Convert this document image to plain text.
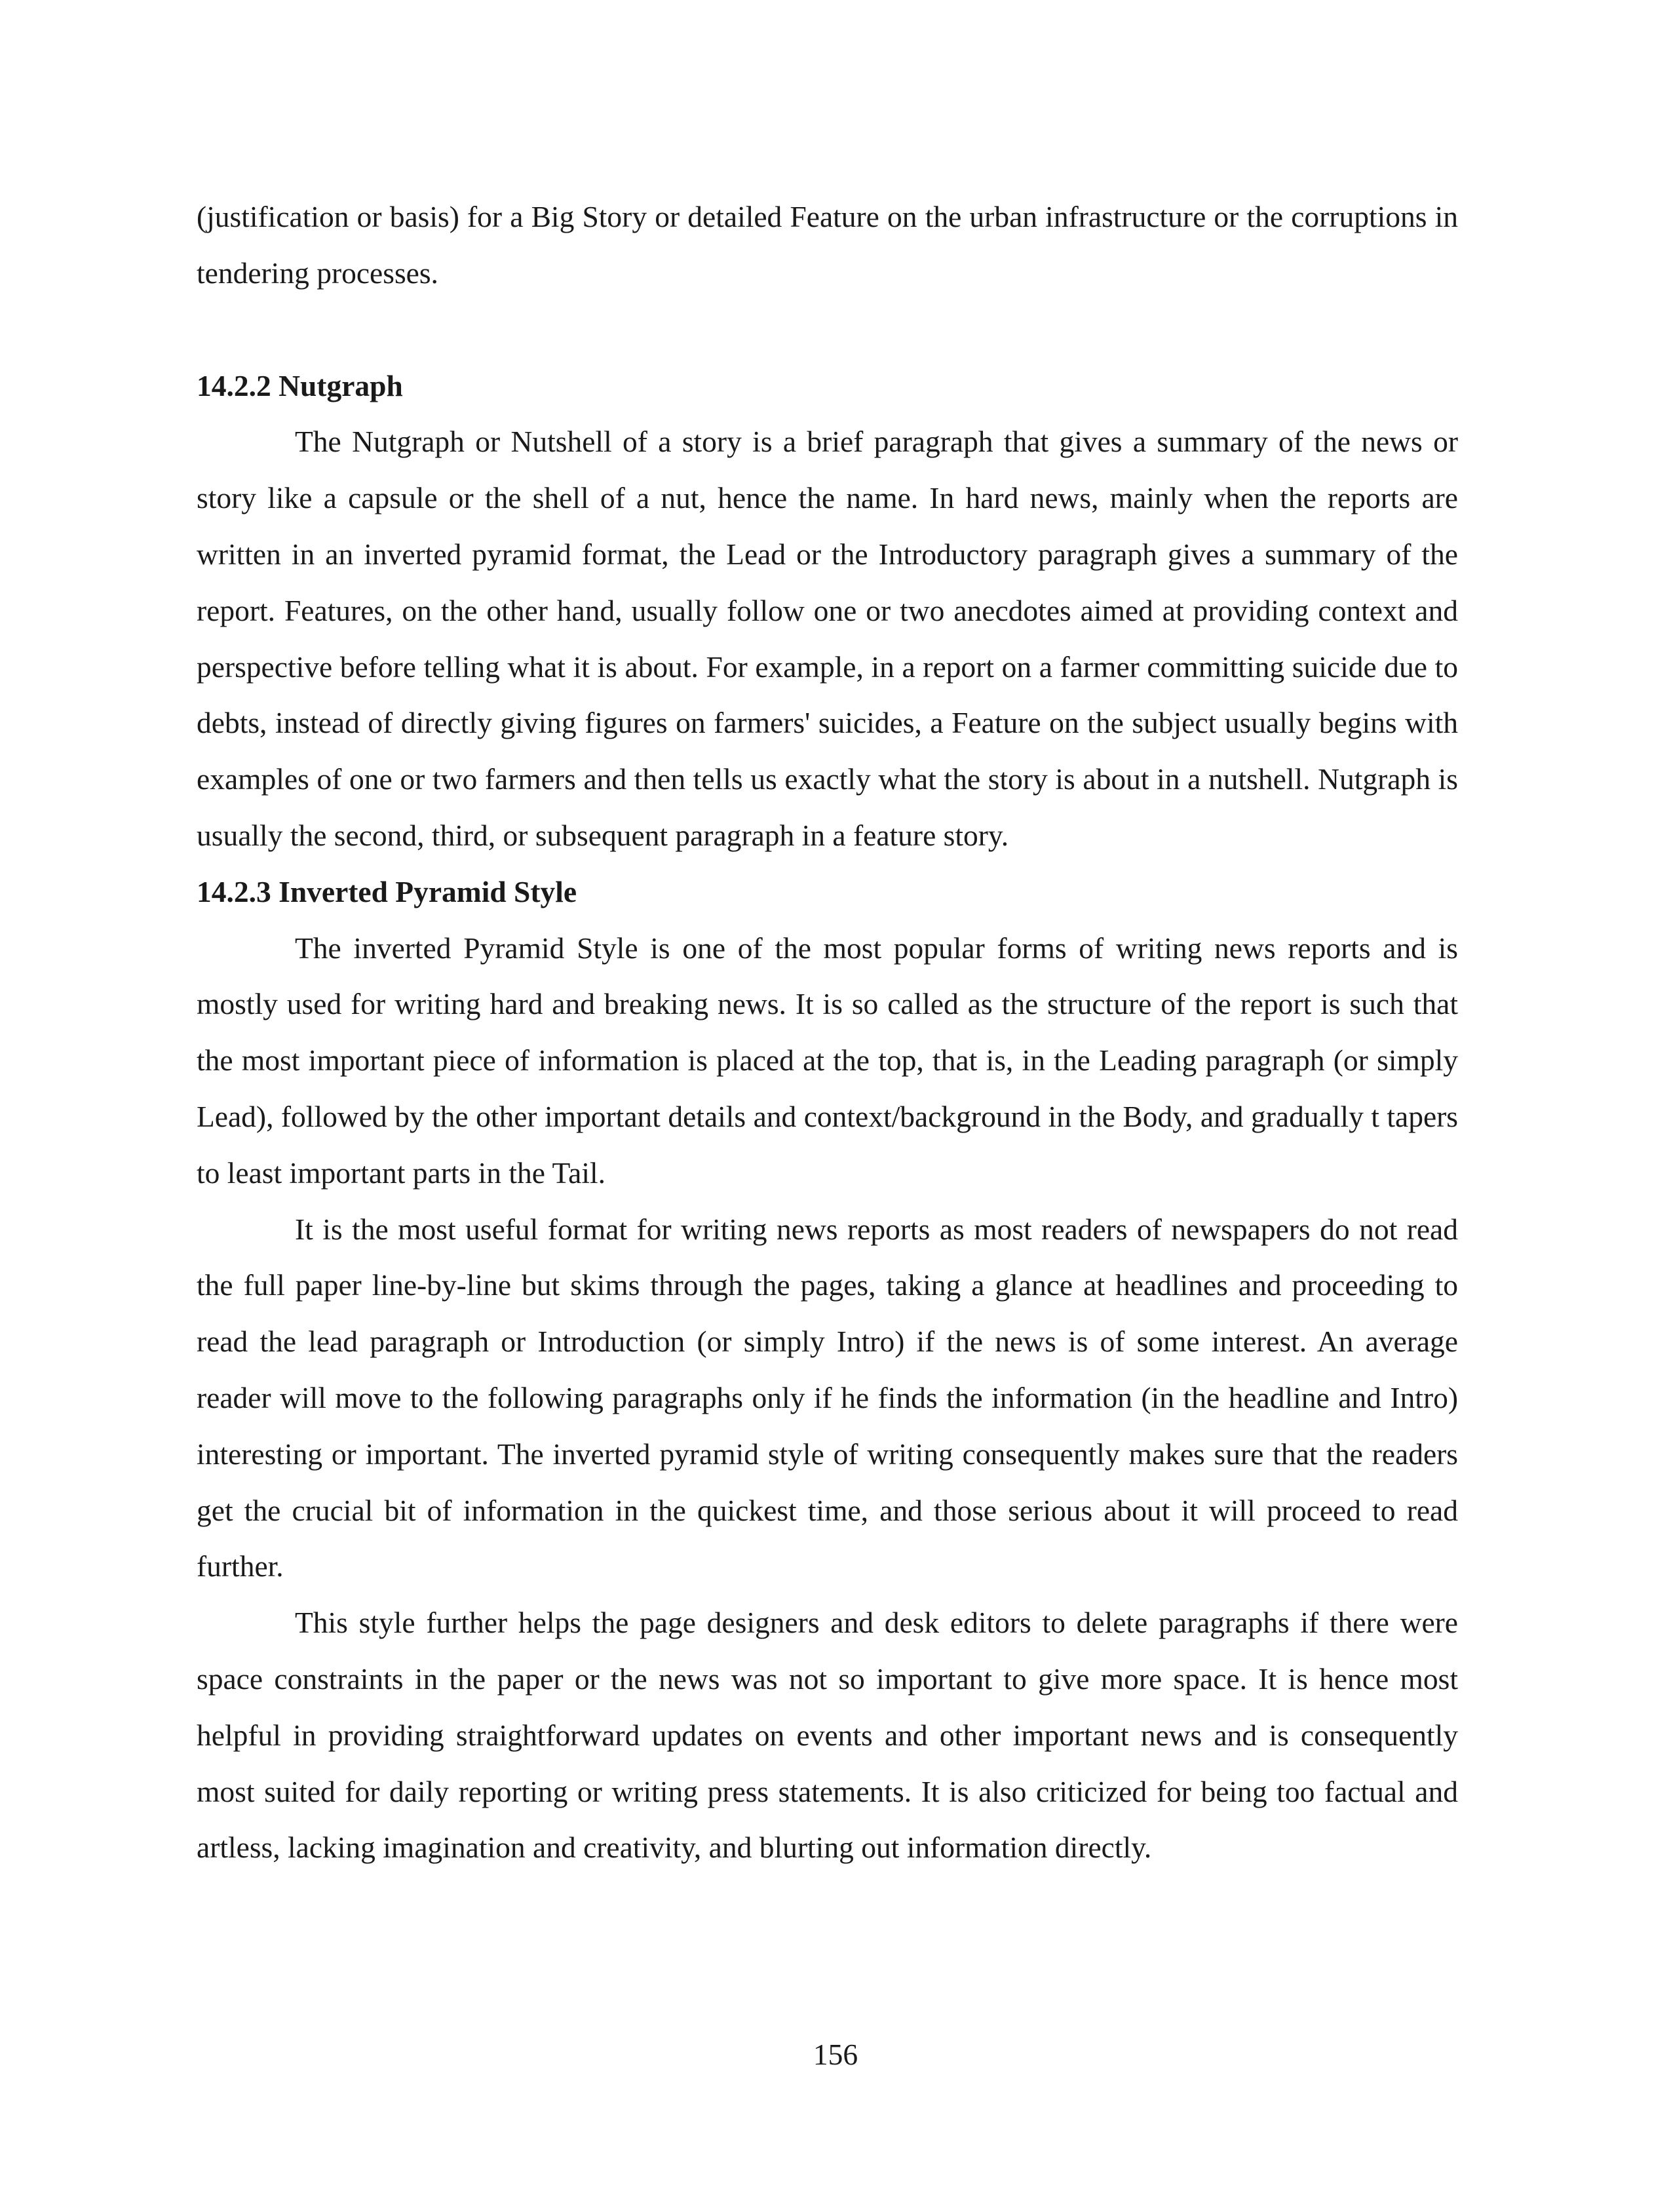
(justification or basis) for a Big Story or detailed Feature on the urban infrastructure or the corruptions in tendering processes.

14.2.2 Nutgraph

The Nutgraph or Nutshell of a story is a brief paragraph that gives a summary of the news or story like a capsule or the shell of a nut, hence the name. In hard news, mainly when the reports are written in an inverted pyramid format, the Lead or the Introductory paragraph gives a summary of the report. Features, on the other hand, usually follow one or two anecdotes aimed at providing context and perspective before telling what it is about. For example, in a report on a farmer committing suicide due to debts, instead of directly giving figures on farmers' suicides, a Feature on the subject usually begins with examples of one or two farmers and then tells us exactly what the story is about in a nutshell. Nutgraph is usually the second, third, or subsequent paragraph in a feature story.

14.2.3 Inverted Pyramid Style

The inverted Pyramid Style is one of the most popular forms of writing news reports and is mostly used for writing hard and breaking news. It is so called as the structure of the report is such that the most important piece of information is placed at the top, that is, in the Leading paragraph (or simply Lead), followed by the other important details and context/background in the Body, and gradually t tapers to least important parts in the Tail.

It is the most useful format for writing news reports as most readers of newspapers do not read the full paper line-by-line but skims through the pages, taking a glance at headlines and proceeding to read the lead paragraph or Introduction (or simply Intro) if the news is of some interest. An average reader will move to the following paragraphs only if he finds the information (in the headline and Intro) interesting or important. The inverted pyramid style of writing consequently makes sure that the readers get the crucial bit of information in the quickest time, and those serious about it will proceed to read further.

This style further helps the page designers and desk editors to delete paragraphs if there were space constraints in the paper or the news was not so important to give more space. It is hence most helpful in providing straightforward updates on events and other important news and is consequently most suited for daily reporting or writing press statements. It is also criticized for being too factual and artless, lacking imagination and creativity, and blurting out information directly.

156
